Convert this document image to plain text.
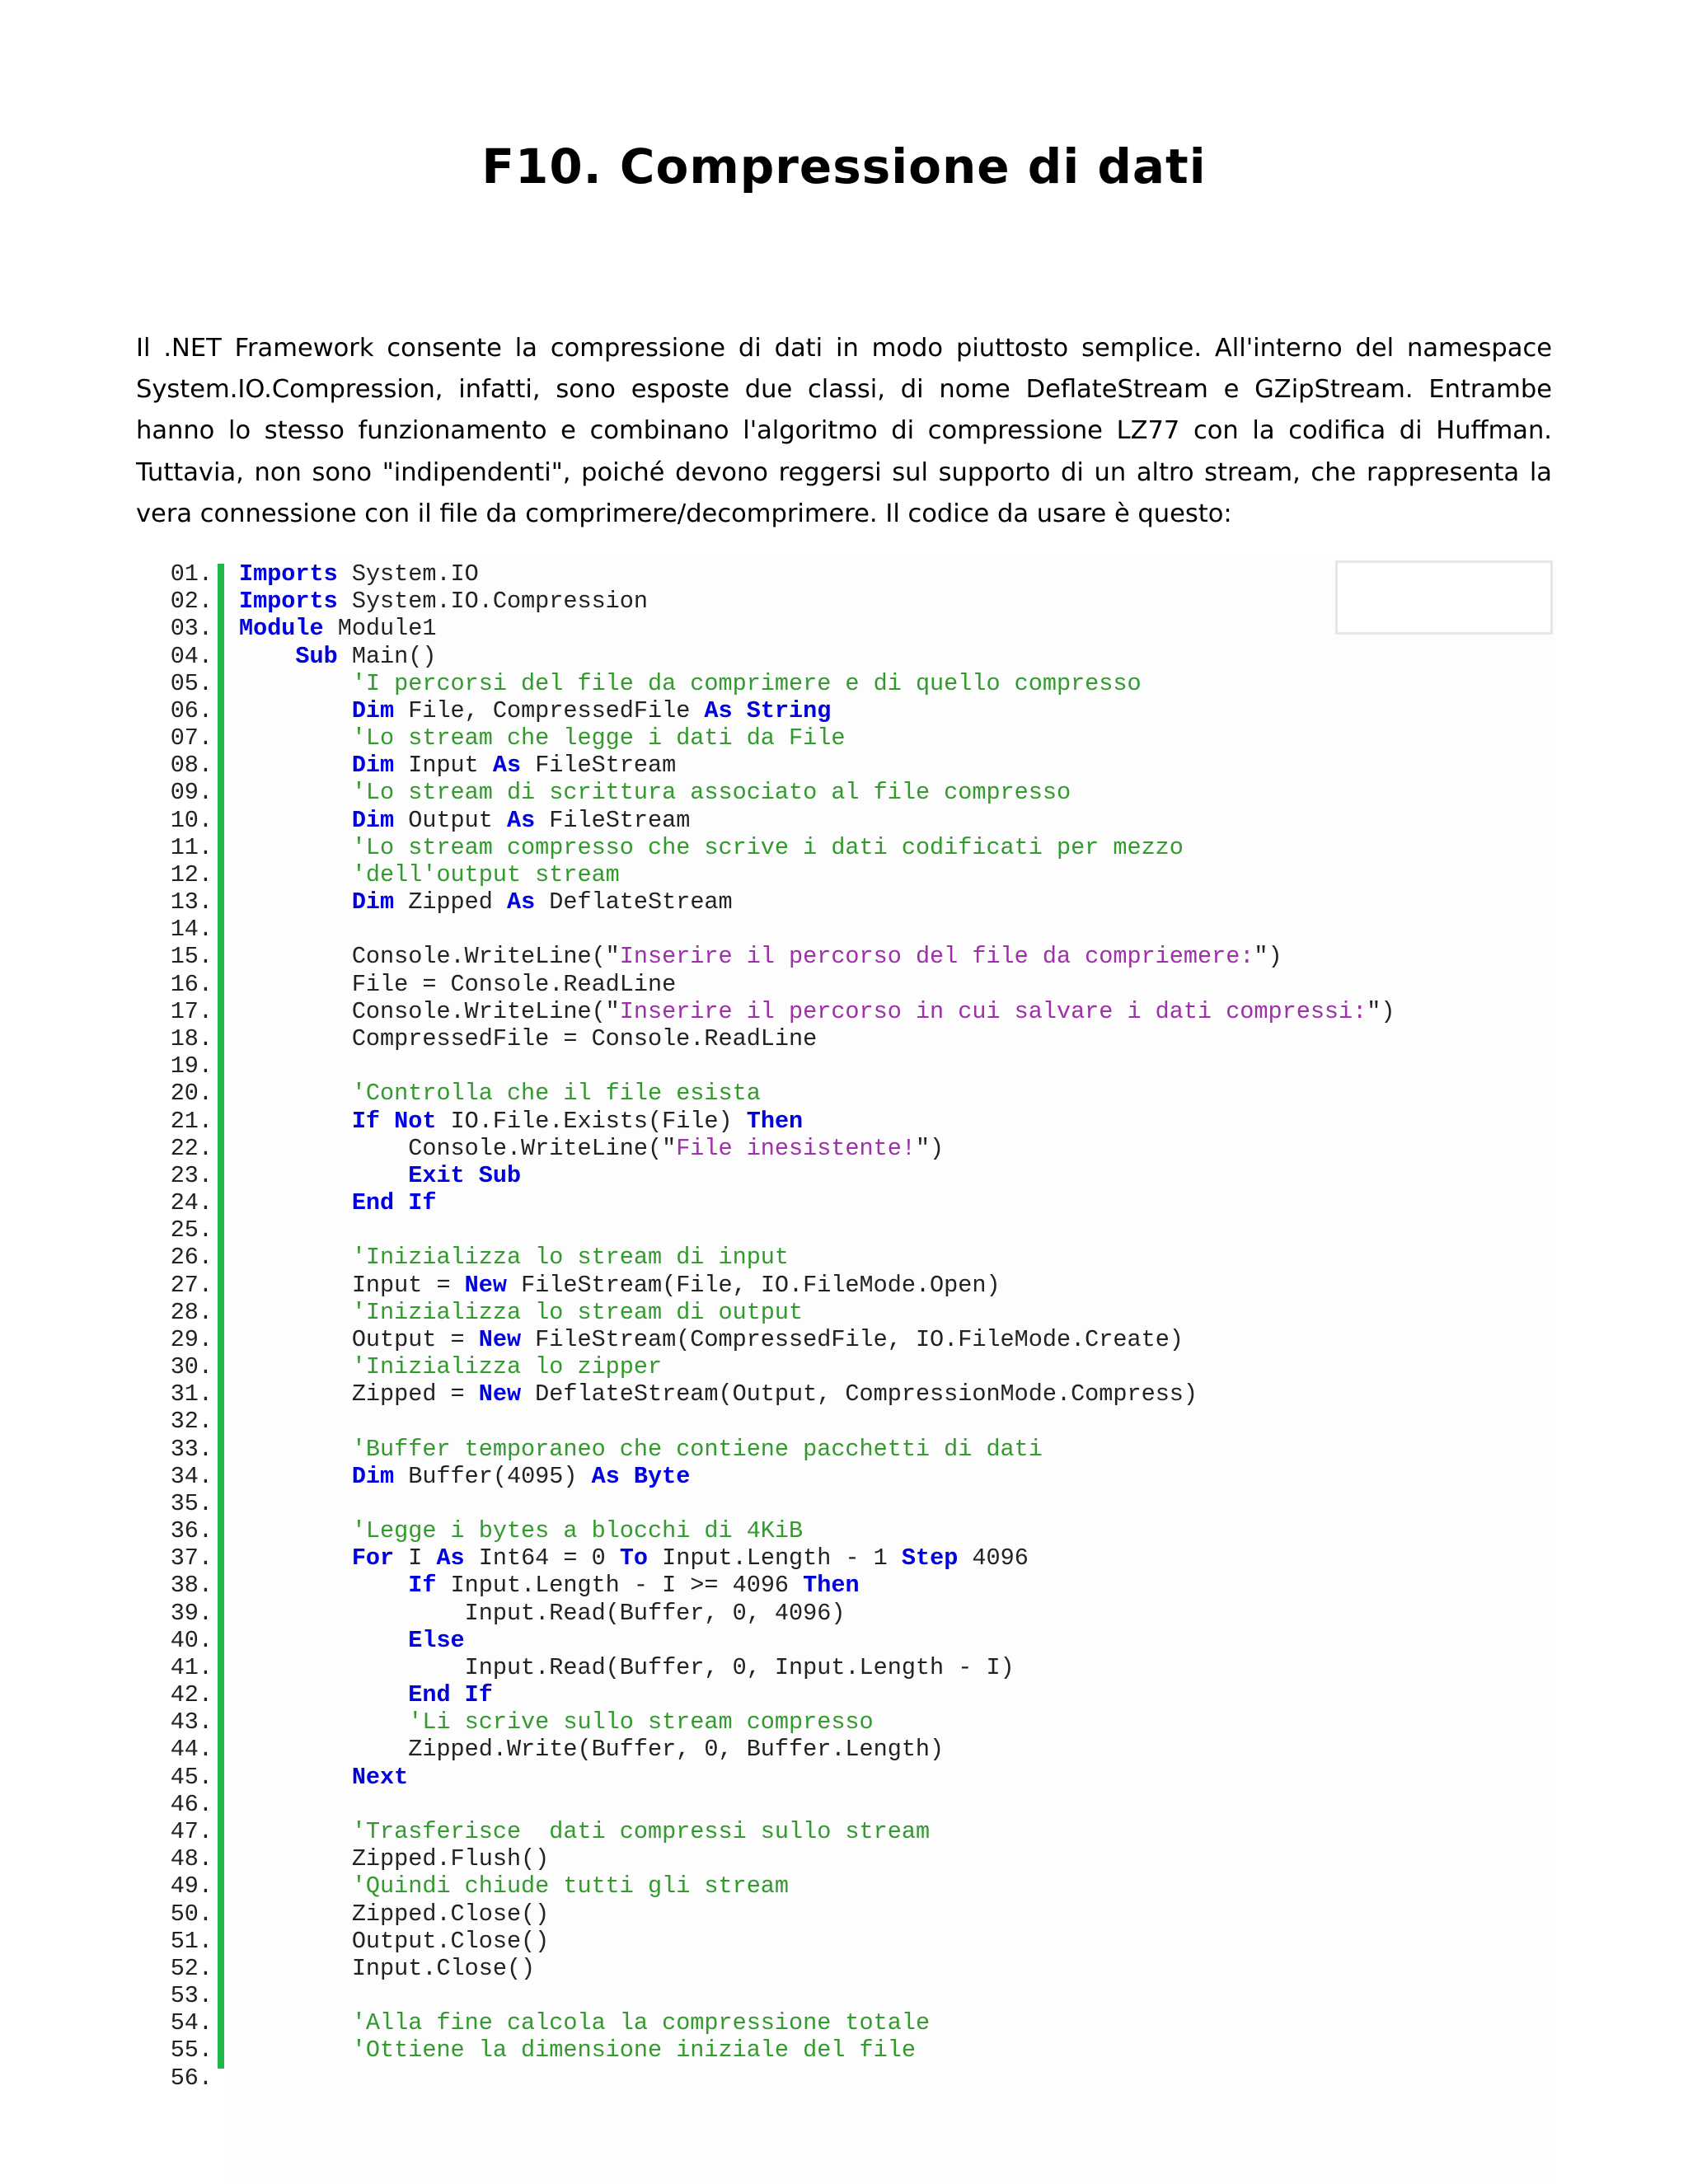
F10. Compressione di dati
Il .NET Framework consente la compressione di dati in modo piuttosto semplice. All'interno del namespace System.IO.Compression, infatti, sono esposte due classi, di nome DeflateStream e GZipStream. Entrambe hanno lo stesso funzionamento e combinano l'algoritmo di compressione LZ77 con la codifica di Huffman. Tuttavia, non sono "indipendenti", poiché devono reggersi sul supporto di un altro stream, che rappresenta la vera connessione con il file da comprimere/decomprimere. Il codice da usare è questo:
01.	Imports System.IO
02.	Imports System.IO.Compression
03.	Module Module1
04.	Sub Main()
05.	'I percorsi del file da comprimere e di quello compresso
06.	Dim File, CompressedFile As String
07.	'Lo stream che legge i dati da File
08.	Dim Input As FileStream
09.	'Lo stream di scrittura associato al file compresso
10.	Dim Output As FileStream
11.	'Lo stream compresso che scrive i dati codificati per mezzo
12.	'dell'output stream
13.	Dim Zipped As DeflateStream
14.
15.	Console.WriteLine("Inserire il percorso del file da compriemere:")
16.	File = Console.ReadLine
17.	Console.WriteLine("Inserire il percorso in cui salvare i dati compressi:")
18.	CompressedFile = Console.ReadLine
19.
20.	'Controlla che il file esista
21.	If Not IO.File.Exists(File) Then
22.	Console.WriteLine("File inesistente!")
23.	Exit Sub
24.	End If
25.
26.	'Inizializza lo stream di input
27.	Input = New FileStream(File, IO.FileMode.Open)
28.	'Inizializza lo stream di output
29.	Output = New FileStream(CompressedFile, IO.FileMode.Create)
30.	'Inizializza lo zipper
31.	Zipped = New DeflateStream(Output, CompressionMode.Compress)
32.
33.	'Buffer temporaneo che contiene pacchetti di dati
34.	Dim Buffer(4095) As Byte
35.
36.	'Legge i bytes a blocchi di 4KiB
37.	For I As Int64 = 0 To Input.Length - 1 Step 4096
38.	If Input.Length - I >= 4096 Then
39.	Input.Read(Buffer, 0, 4096)
40.	Else
41.	Input.Read(Buffer, 0, Input.Length - I)
42.	End If
43.	'Li scrive sullo stream compresso
44.	Zipped.Write(Buffer, 0, Buffer.Length)
45.	Next
46.
47.	'Trasferisce  dati compressi sullo stream
48.	Zipped.Flush()
49.	'Quindi chiude tutti gli stream
50.	Zipped.Close()
51.	Output.Close()
52.	Input.Close()
53.
54.	'Alla fine calcola la compressione totale
55.	'Ottiene la dimensione iniziale del file
56.
